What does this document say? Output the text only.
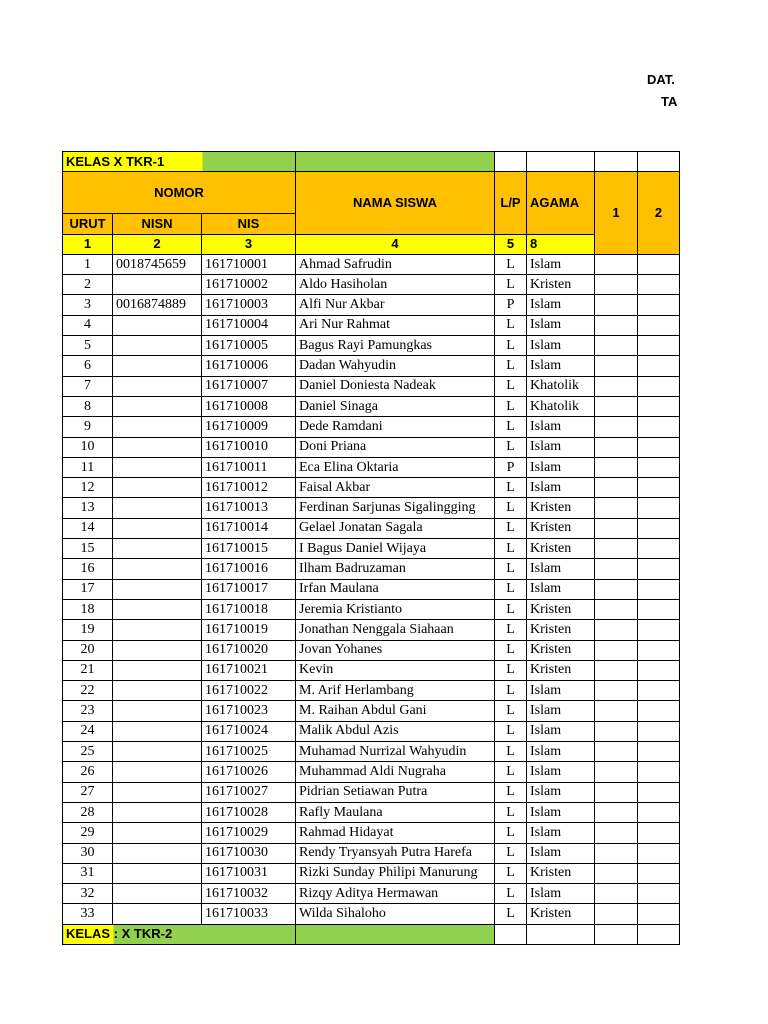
DAT.
TA
KELAS X TKR-1							
NOMOR			NAMA SISWA	L/P	AGAMA	1	2
URUT	NISN	NIS					
1	2	3	4	5	8		
1	0018745659	161710001	Ahmad Safrudin	L	Islam		
2		161710002	Aldo Hasiholan	L	Kristen		
3	0016874889	161710003	Alfi Nur Akbar	P	Islam		
4		161710004	Ari Nur Rahmat	L	Islam		
5		161710005	Bagus Rayi Pamungkas	L	Islam		
6		161710006	Dadan Wahyudin	L	Islam		
7		161710007	Daniel Doniesta Nadeak	L	Khatolik		
8		161710008	Daniel Sinaga	L	Khatolik		
9		161710009	Dede Ramdani	L	Islam		
10		161710010	Doni Priana	L	Islam		
11		161710011	Eca Elina Oktaria	P	Islam		
12		161710012	Faisal Akbar	L	Islam		
13		161710013	Ferdinan Sarjunas Sigalingging	L	Kristen		
14		161710014	Gelael Jonatan Sagala	L	Kristen		
15		161710015	I Bagus Daniel Wijaya	L	Kristen		
16		161710016	Ilham Badruzaman	L	Islam		
17		161710017	Irfan Maulana	L	Islam		
18		161710018	Jeremia Kristianto	L	Kristen		
19		161710019	Jonathan Nenggala Siahaan	L	Kristen		
20		161710020	Jovan Yohanes	L	Kristen		
21		161710021	Kevin	L	Kristen		
22		161710022	M. Arif Herlambang	L	Islam		
23		161710023	M. Raihan Abdul Gani	L	Islam		
24		161710024	Malik Abdul Azis	L	Islam		
25		161710025	Muhamad Nurrizal Wahyudin	L	Islam		
26		161710026	Muhammad Aldi Nugraha	L	Islam		
27		161710027	Pidrian Setiawan Putra	L	Islam		
28		161710028	Rafly Maulana	L	Islam		
29		161710029	Rahmad Hidayat	L	Islam		
30		161710030	Rendy Tryansyah Putra Harefa	L	Islam		
31		161710031	Rizki Sunday Philipi Manurung	L	Kristen		
32		161710032	Rizqy Aditya Hermawan	L	Islam		
33		161710033	Wilda Sihaloho	L	Kristen		
KELAS : X TKR-2							
